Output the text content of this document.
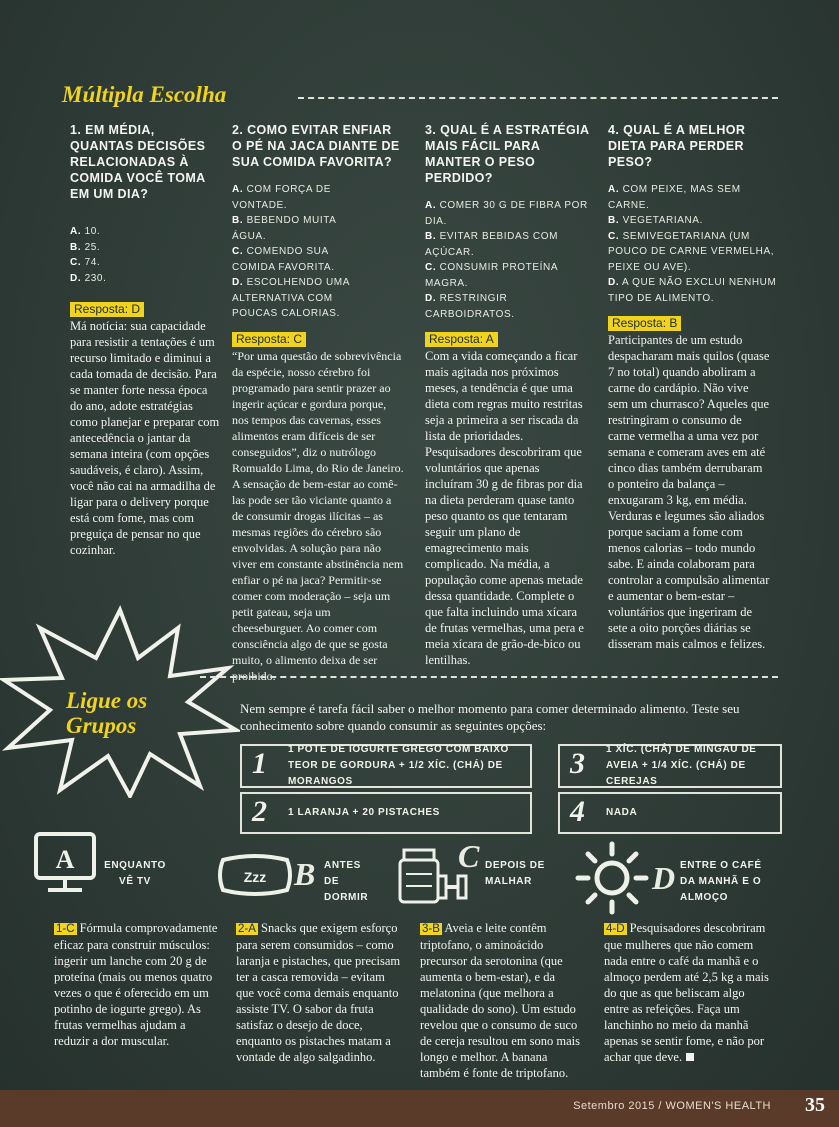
Múltipla Escolha
1. EM MÉDIA, QUANTAS DECISÕES RELACIONADAS À COMIDA VOCÊ TOMA EM UM DIA?
A. 10.
B. 25.
C. 74.
D. 230.
Resposta: D

Má notícia: sua capacidade para resistir a tentações é um recurso limitado e diminui a cada tomada de decisão. Para se manter forte nessa época do ano, adote estratégias como planejar e preparar com antecedência o jantar da semana inteira (com opções saudáveis, é claro). Assim, você não cai na armadilha de ligar para o delivery porque está com fome, mas com preguiça de pensar no que cozinhar.

2. COMO EVITAR ENFIAR O PÉ NA JACA DIANTE DE SUA COMIDA FAVORITA?
A. COM FORÇA DE VONTADE.
B. BEBENDO MUITA ÁGUA.
C. COMENDO SUA COMIDA FAVORITA.
D. ESCOLHENDO UMA ALTERNATIVA COM POUCAS CALORIAS.
Resposta: C

“Por uma questão de sobrevivência da espécie, nosso cérebro foi programado para sentir prazer ao ingerir açúcar e gordura porque, nos tempos das cavernas, esses alimentos eram difíceis de ser conseguidos”, diz o nutrólogo Romualdo Lima, do Rio de Janeiro. A sensação de bem-estar ao comê-las pode ser tão viciante quanto a de consumir drogas ilícitas – as mesmas regiões do cérebro são envolvidas. A solução para não viver em constante abstinência nem enfiar o pé na jaca? Permitir-se comer com moderação – seja um petit gateau, seja um cheeseburguer. Ao comer com consciência algo de que se gosta muito, o alimento deixa de ser proibido.

3. QUAL É A ESTRATÉGIA MAIS FÁCIL PARA MANTER O PESO PERDIDO?
A. COMER 30 G DE FIBRA POR DIA.
B. EVITAR BEBIDAS COM AÇÚCAR.
C. CONSUMIR PROTEÍNA MAGRA.
D. RESTRINGIR CARBOIDRATOS.
Resposta: A

Com a vida começando a ficar mais agitada nos próximos meses, a tendência é que uma dieta com regras muito restritas seja a primeira a ser riscada da lista de prioridades. Pesquisadores descobriram que voluntários que apenas incluíram 30 g de fibras por dia na dieta perderam quase tanto peso quanto os que tentaram seguir um plano de emagrecimento mais complicado. Na média, a população come apenas metade dessa quantidade. Complete o que falta incluindo uma xícara de frutas vermelhas, uma pera e meia xícara de grão-de-bico ou lentilhas.

4. QUAL É A MELHOR DIETA PARA PERDER PESO?
A. COM PEIXE, MAS SEM CARNE.
B. VEGETARIANA.
C. SEMIVEGETARIANA (UM POUCO DE CARNE VERMELHA, PEIXE OU AVE).
D. A QUE NÃO EXCLUI NENHUM TIPO DE ALIMENTO.
Resposta: B

Participantes de um estudo despacharam mais quilos (quase 7 no total) quando aboliram a carne do cardápio. Não vive sem um churrasco? Aqueles que restringiram o consumo de carne vermelha a uma vez por semana e comeram aves em até cinco dias também derrubaram o ponteiro da balança – enxugaram 3 kg, em média. Verduras e legumes são aliados porque saciam a fome com menos calorias – todo mundo sabe. E ainda colaboram para controlar a compulsão alimentar e aumentar o bem-estar – voluntários que ingeriram de sete a oito porções diárias se disseram mais calmos e felizes.

Ligue os
Grupos
Nem sempre é tarefa fácil saber o melhor momento para comer determinado alimento. Teste seu conhecimento sobre quando consumir as seguintes opções:
1 1 POTE DE IOGURTE GREGO COM BAIXO TEOR DE GORDURA + 1/2 XÍC. (CHÁ) DE MORANGOS
3 1 XÍC. (CHÁ) DE MINGAU DE AVEIA + 1/4 XÍC. (CHÁ) DE CEREJAS
2 1 LARANJA + 20 PISTACHES	4 NADA
A	ENQUANTO VÊ TV	Zzz B ANTES DE DORMIR
C DEPOIS DE MALHAR	D ENTRE O CAFÉ DA MANHÃ E O ALMOÇO
1-C Fórmula comprovadamente eficaz para construir músculos: ingerir um lanche com 20 g de proteína (mais ou menos quatro vezes o que é oferecido em um potinho de iogurte grego). As frutas vermelhas ajudam a reduzir a dor muscular.
2-A Snacks que exigem esforço para serem consumidos – como laranja e pistaches, que precisam ter a casca removida – evitam que você coma demais enquanto assiste TV. O sabor da fruta satisfaz o desejo de doce, enquanto os pistaches matam a vontade de algo salgadinho.
3-B Aveia e leite contêm triptofano, o aminoácido precursor da serotonina (que aumenta o bem-estar), e da melatonina (que melhora a qualidade do sono). Um estudo revelou que o consumo de suco de cereja resultou em sono mais longo e melhor. A banana também é fonte de triptofano.
4-D Pesquisadores descobriram que mulheres que não comem nada entre o café da manhã e o almoço perdem até 2,5 kg a mais do que as que beliscam algo entre as refeições. Faça um lanchinho no meio da manhã apenas se sentir fome, e não por achar que deve.
Setembro 2015 / WOMEN'S HEALTH 35
